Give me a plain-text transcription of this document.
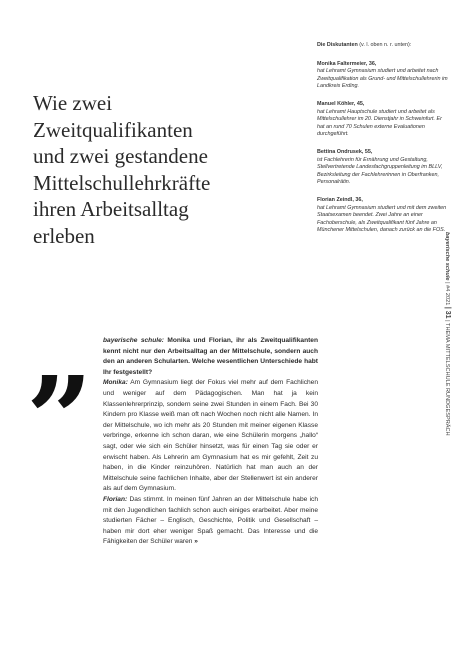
Wie zwei
Zweitqualifikanten
und zwei gestandene
Mittelschullehrkräfte
ihren Arbeitsalltag
erleben
Die Diskutanten (v. l. oben n. r. unten):
Monika Faltermeier, 36,
hat Lehramt Gymnasium studiert und arbeitet nach Zweitqualifikation als Grund- und Mittelschullehrerin im Landkreis Erding.
Manuel Köhler, 45,
hat Lehramt Hauptschule studiert und arbeitet als Mittelschullehrer im 20. Dienstjahr in Schweinfurt. Er hat an rund 70 Schulen externe Evaluationen durchgeführt.
Bettina Ondrusek, 55,
ist Fachlehrerin für Ernährung und Gestaltung, Stellvertretende Landesfachgruppenleitung im BLLV, Bezirksleitung der Fachlehrerinnen in Oberfranken, Personalrätin.
Florian Zeindl, 36,
hat Lehramt Gymnasium studiert und mit dem zweiten Staatsexamen beendet. Zwei Jahre an einer Fachoberschule, als Zweitqualifikant fünf Jahre an Münchener Mittelschulen, danach zurück an die FOS.
”

bayerische schule: Monika und Florian, ihr als Zweitqualifikanten kennt nicht nur den Arbeitsalltag an der Mittelschule, sondern auch den an anderen Schularten. Welche wesentlichen Unterschiede habt Ihr festgestellt?

Monika: Am Gymnasium liegt der Fokus viel mehr auf dem Fachlichen und weniger auf dem Pädagogischen. Man hat ja kein Klassenlehrerprinzip, sondern seine zwei Stunden in einem Fach. Bei 30 Kindern pro Klasse weiß man oft nach Wochen noch nicht alle Namen. In der Mittelschule, wo ich mehr als 20 Stunden mit meiner eigenen Klasse verbringe, erkenne ich schon daran, wie eine Schülerin morgens „hallo“ sagt, oder wie sich ein Schüler hinsetzt, was für einen Tag sie oder er erwischt haben. Als Lehrerin am Gymnasium hat es mir gefehlt, Zeit zu haben, in die Kinder reinzuhören. Natürlich hat man auch an der Mittelschule seine fachlichen Inhalte, aber der Stellenwert ist ein anderer als auf dem Gymnasium.

Florian: Das stimmt. In meinen fünf Jahren an der Mittelschule habe ich mit den Jugendlichen fachlich schon auch einiges erarbeitet. Aber meine studierten Fächer – Englisch, Geschichte, Politik und Gesellschaft – haben mir dort eher weniger Spaß gemacht. Das Interesse und die Fähigkeiten der Schüler waren »

bayerische schule | #4 2021 | 31 | THEMA MITTELSCHULE RUNDGESPRÄCH
